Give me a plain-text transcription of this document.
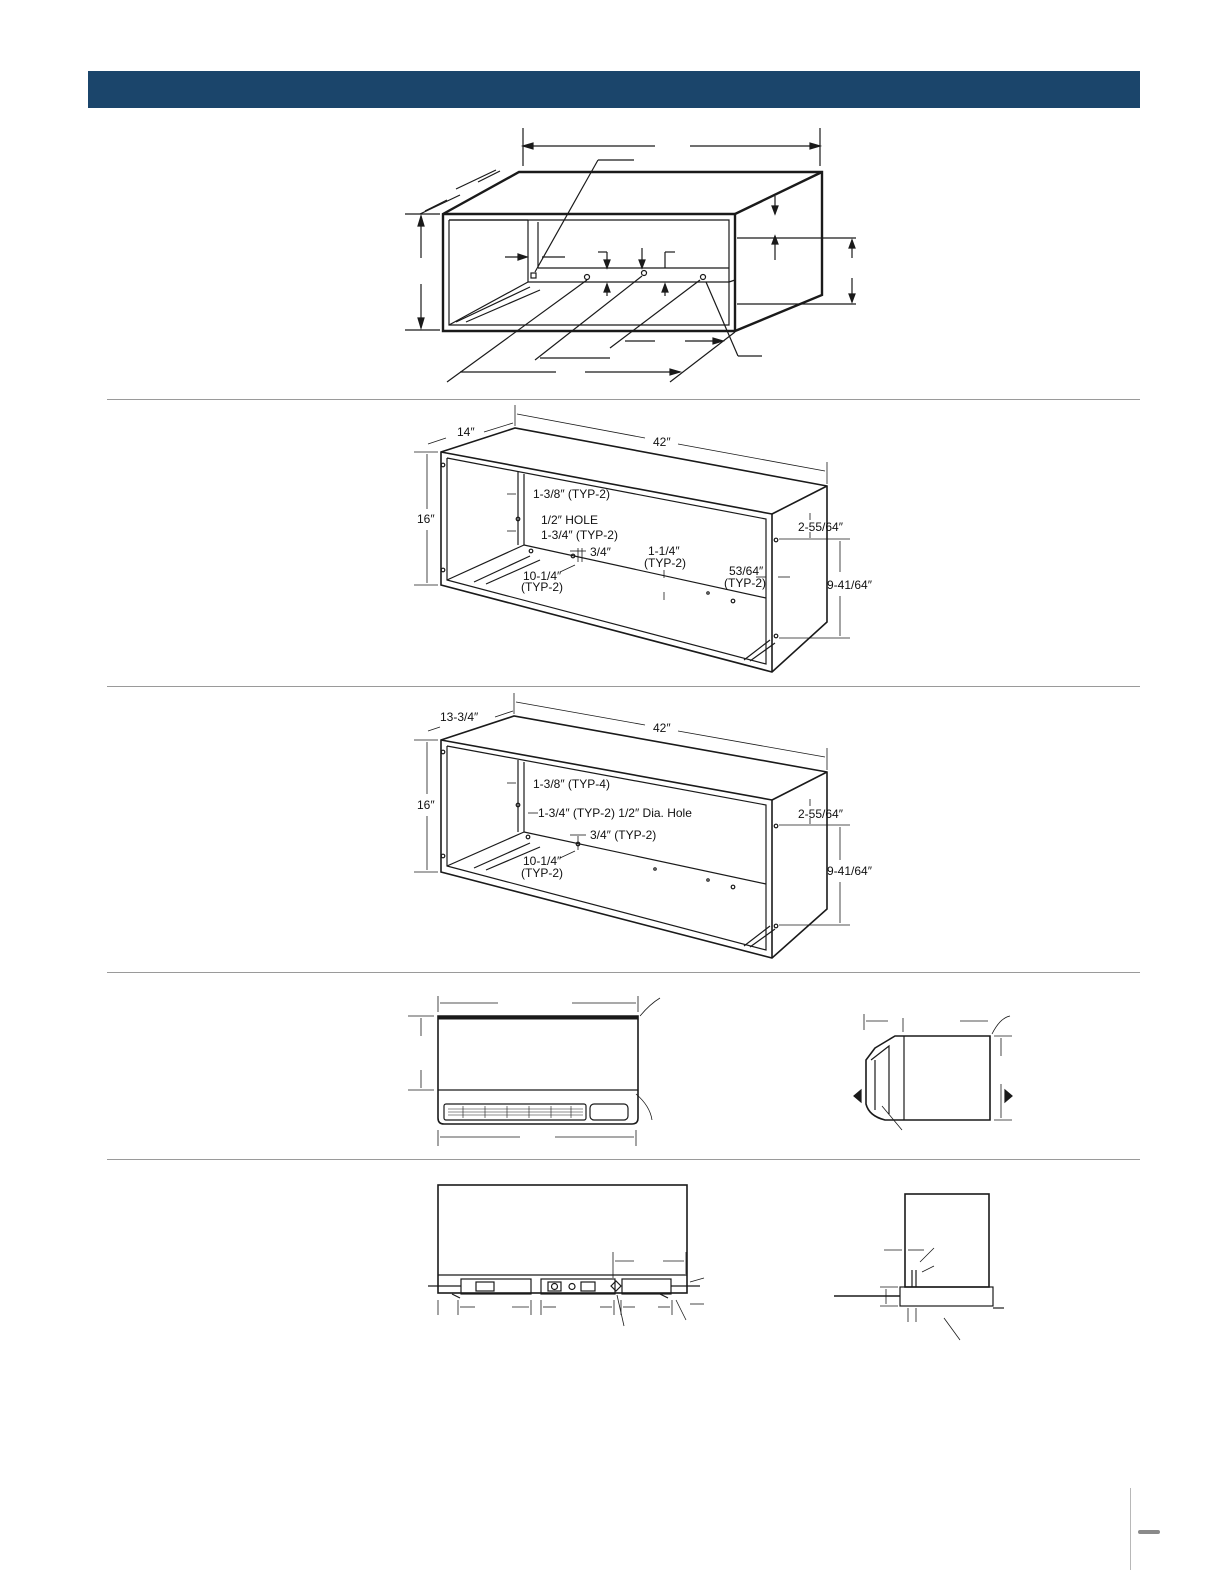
14″
42″
16″
1-3/8″ (TYP-2)
1/2″ HOLE
1-3/4″ (TYP-2)
3/4″	1-1/4″
(TYP-2)
53/64″
(TYP-2)
2-55/64″
9-41/64″
10-1/4″
(TYP-2)
13-3/4″
42″
16″
1-3/8″ (TYP-4)
1-3/4″ (TYP-2) 1/2″ Dia. Hole
3/4″ (TYP-2)
2-55/64″
9-41/64″
10-1/4″
(TYP-2)
